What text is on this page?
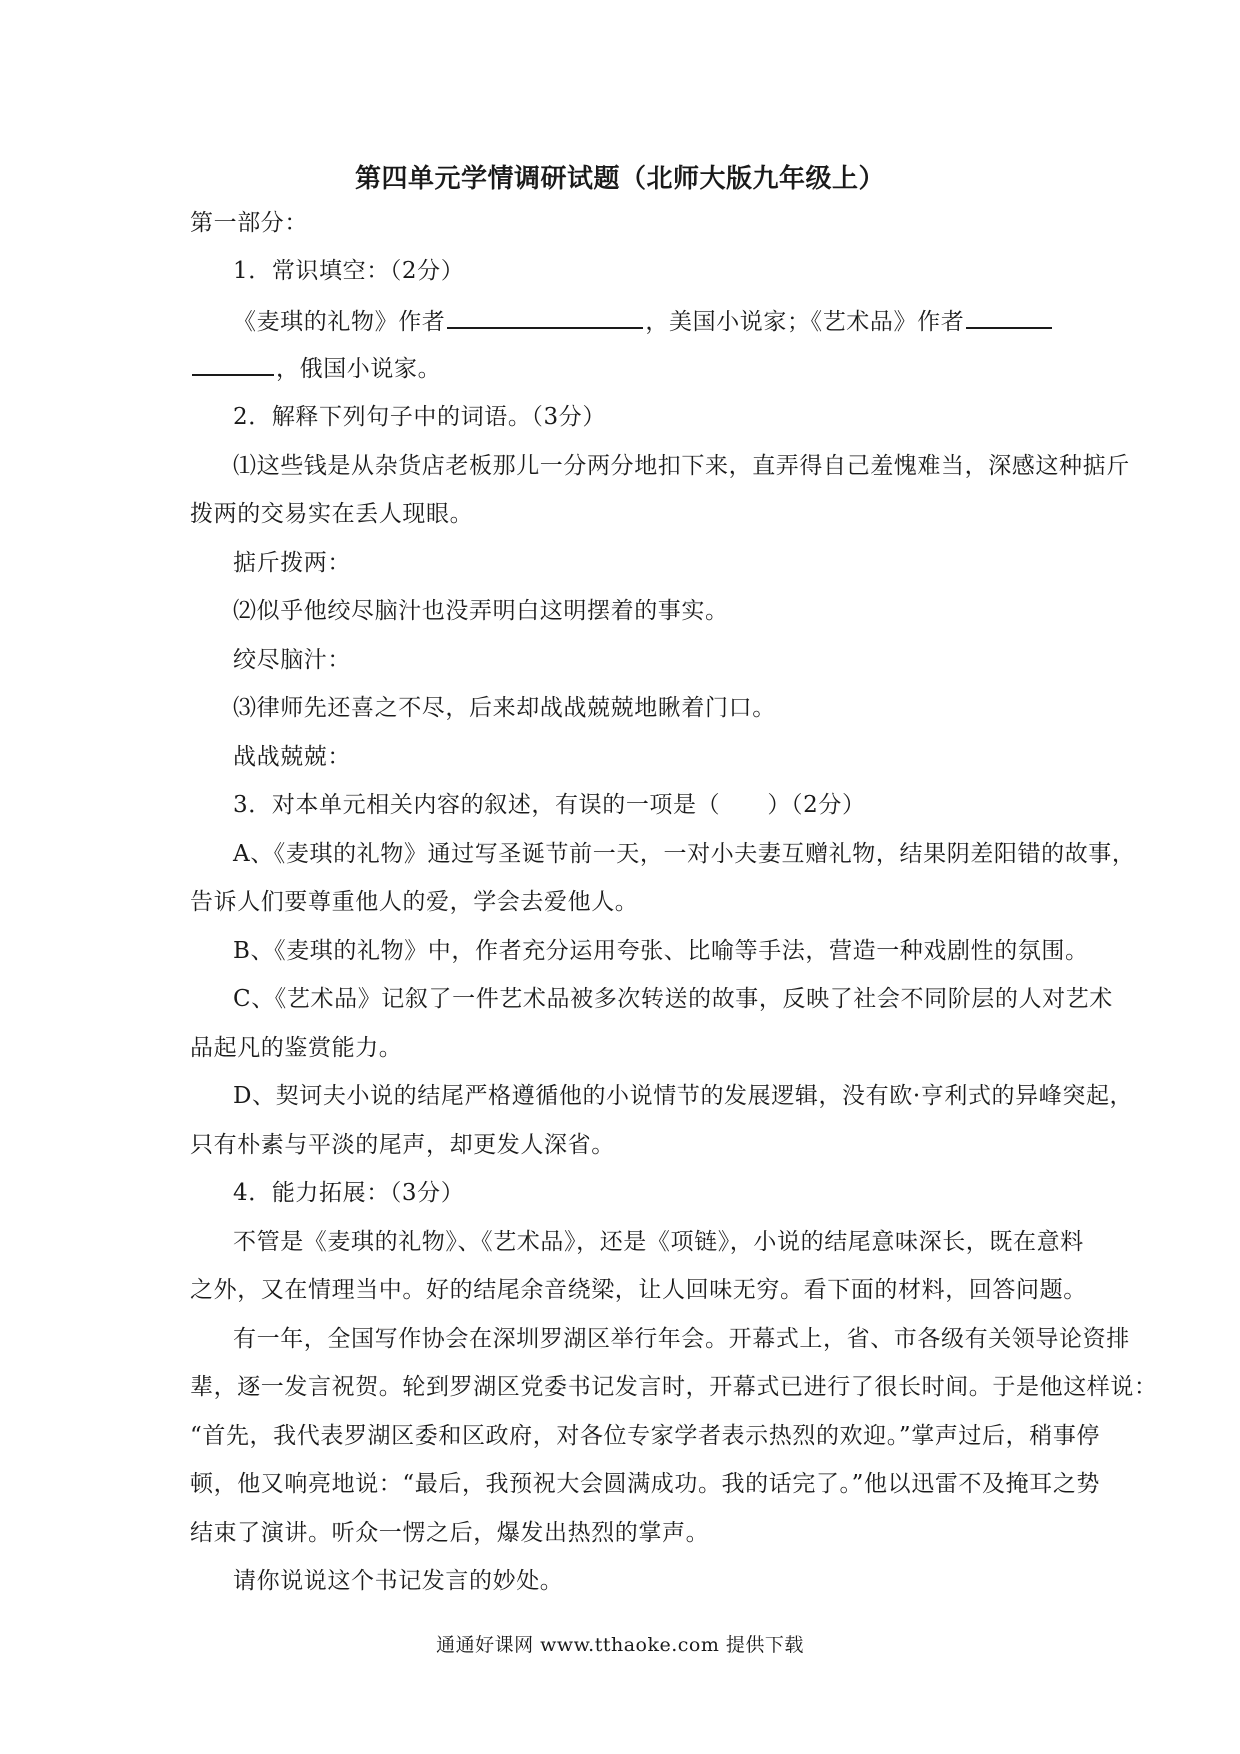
第四单元学情调研试题（北师大版九年级上）
第一部分：
1．常识填空：（2分）
《麦琪的礼物》作者	，美国小说家；《艺术品》作者
，俄国小说家。
2．解释下列句子中的词语。（3分）
⑴这些钱是从杂货店老板那儿一分两分地扣下来，直弄得自己羞愧难当，深感这种掂斤
拨两的交易实在丢人现眼。
掂斤拨两：
⑵似乎他绞尽脑汁也没弄明白这明摆着的事实。
绞尽脑汁：
⑶律师先还喜之不尽，后来却战战兢兢地瞅着门口。
战战兢兢：
3．对本单元相关内容的叙述，有误的一项是（　　）（2分）
A、《麦琪的礼物》通过写圣诞节前一天，一对小夫妻互赠礼物，结果阴差阳错的故事，
告诉人们要尊重他人的爱，学会去爱他人。
B、《麦琪的礼物》中，作者充分运用夸张、比喻等手法，营造一种戏剧性的氛围。
C、《艺术品》记叙了一件艺术品被多次转送的故事，反映了社会不同阶层的人对艺术
品起凡的鉴赏能力。
D、契诃夫小说的结尾严格遵循他的小说情节的发展逻辑，没有欧·亨利式的异峰突起，
只有朴素与平淡的尾声，却更发人深省。
4．能力拓展：（3分）
不管是《麦琪的礼物》、《艺术品》，还是《项链》，小说的结尾意味深长，既在意料
之外，又在情理当中。好的结尾余音绕梁，让人回味无穷。看下面的材料，回答问题。
有一年，全国写作协会在深圳罗湖区举行年会。开幕式上，省、市各级有关领导论资排
辈，逐一发言祝贺。轮到罗湖区党委书记发言时，开幕式已进行了很长时间。于是他这样说：
“首先，我代表罗湖区委和区政府，对各位专家学者表示热烈的欢迎。”掌声过后，稍事停
顿，他又响亮地说：“最后，我预祝大会圆满成功。我的话完了。”他以迅雷不及掩耳之势
结束了演讲。听众一愣之后，爆发出热烈的掌声。
请你说说这个书记发言的妙处。
通通好课网 www.tthaoke.com 提供下载
